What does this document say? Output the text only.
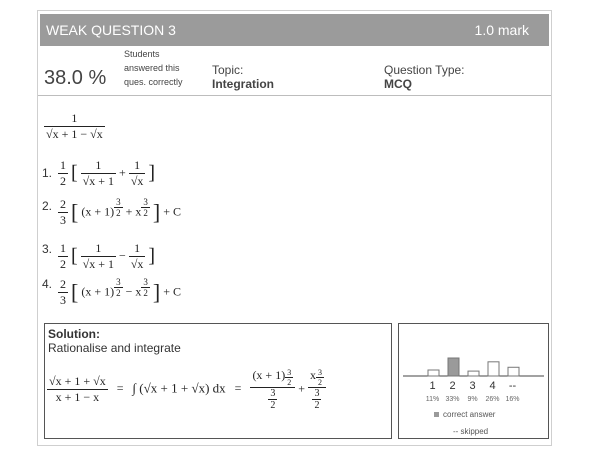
WEAK QUESTION 3	1.0 mark
38.0 %
Students
answered this
ques. correctly
Topic:
Integration
Question Type:
MCQ
$\frac{1}{√x + 1 - √x}$
1. $\frac{1}{2}$ [ $\frac{1}{√x + 1} + \frac{1}{√x}$ ]
2. $\frac{2}{3}$ [ $(x + 1) \frac{3}{2} + x \frac{3}{2}$ ] + C
3. $\frac{1}{2}$ [ $\frac{1}{√x + 1} - \frac{1}{√x}$ ]
4. $\frac{2}{3}$ [ $(x + 1) \frac{3}{2} - x \frac{3}{2}$ ] + C
Solution:
Rationalise and integrate
$\frac{√x + 1 + √x}{x + 1 - x}$ = ∫ (√x + 1 + √x) dx = $\frac{(x + 1) \frac{3}{2}}{\frac{3}{2}} + \frac{x \frac{3}{2}}{\frac{3}{2}}$	1
11%
2
33%
3
9%
4
26%
--
16%
correct answer
-- skipped
